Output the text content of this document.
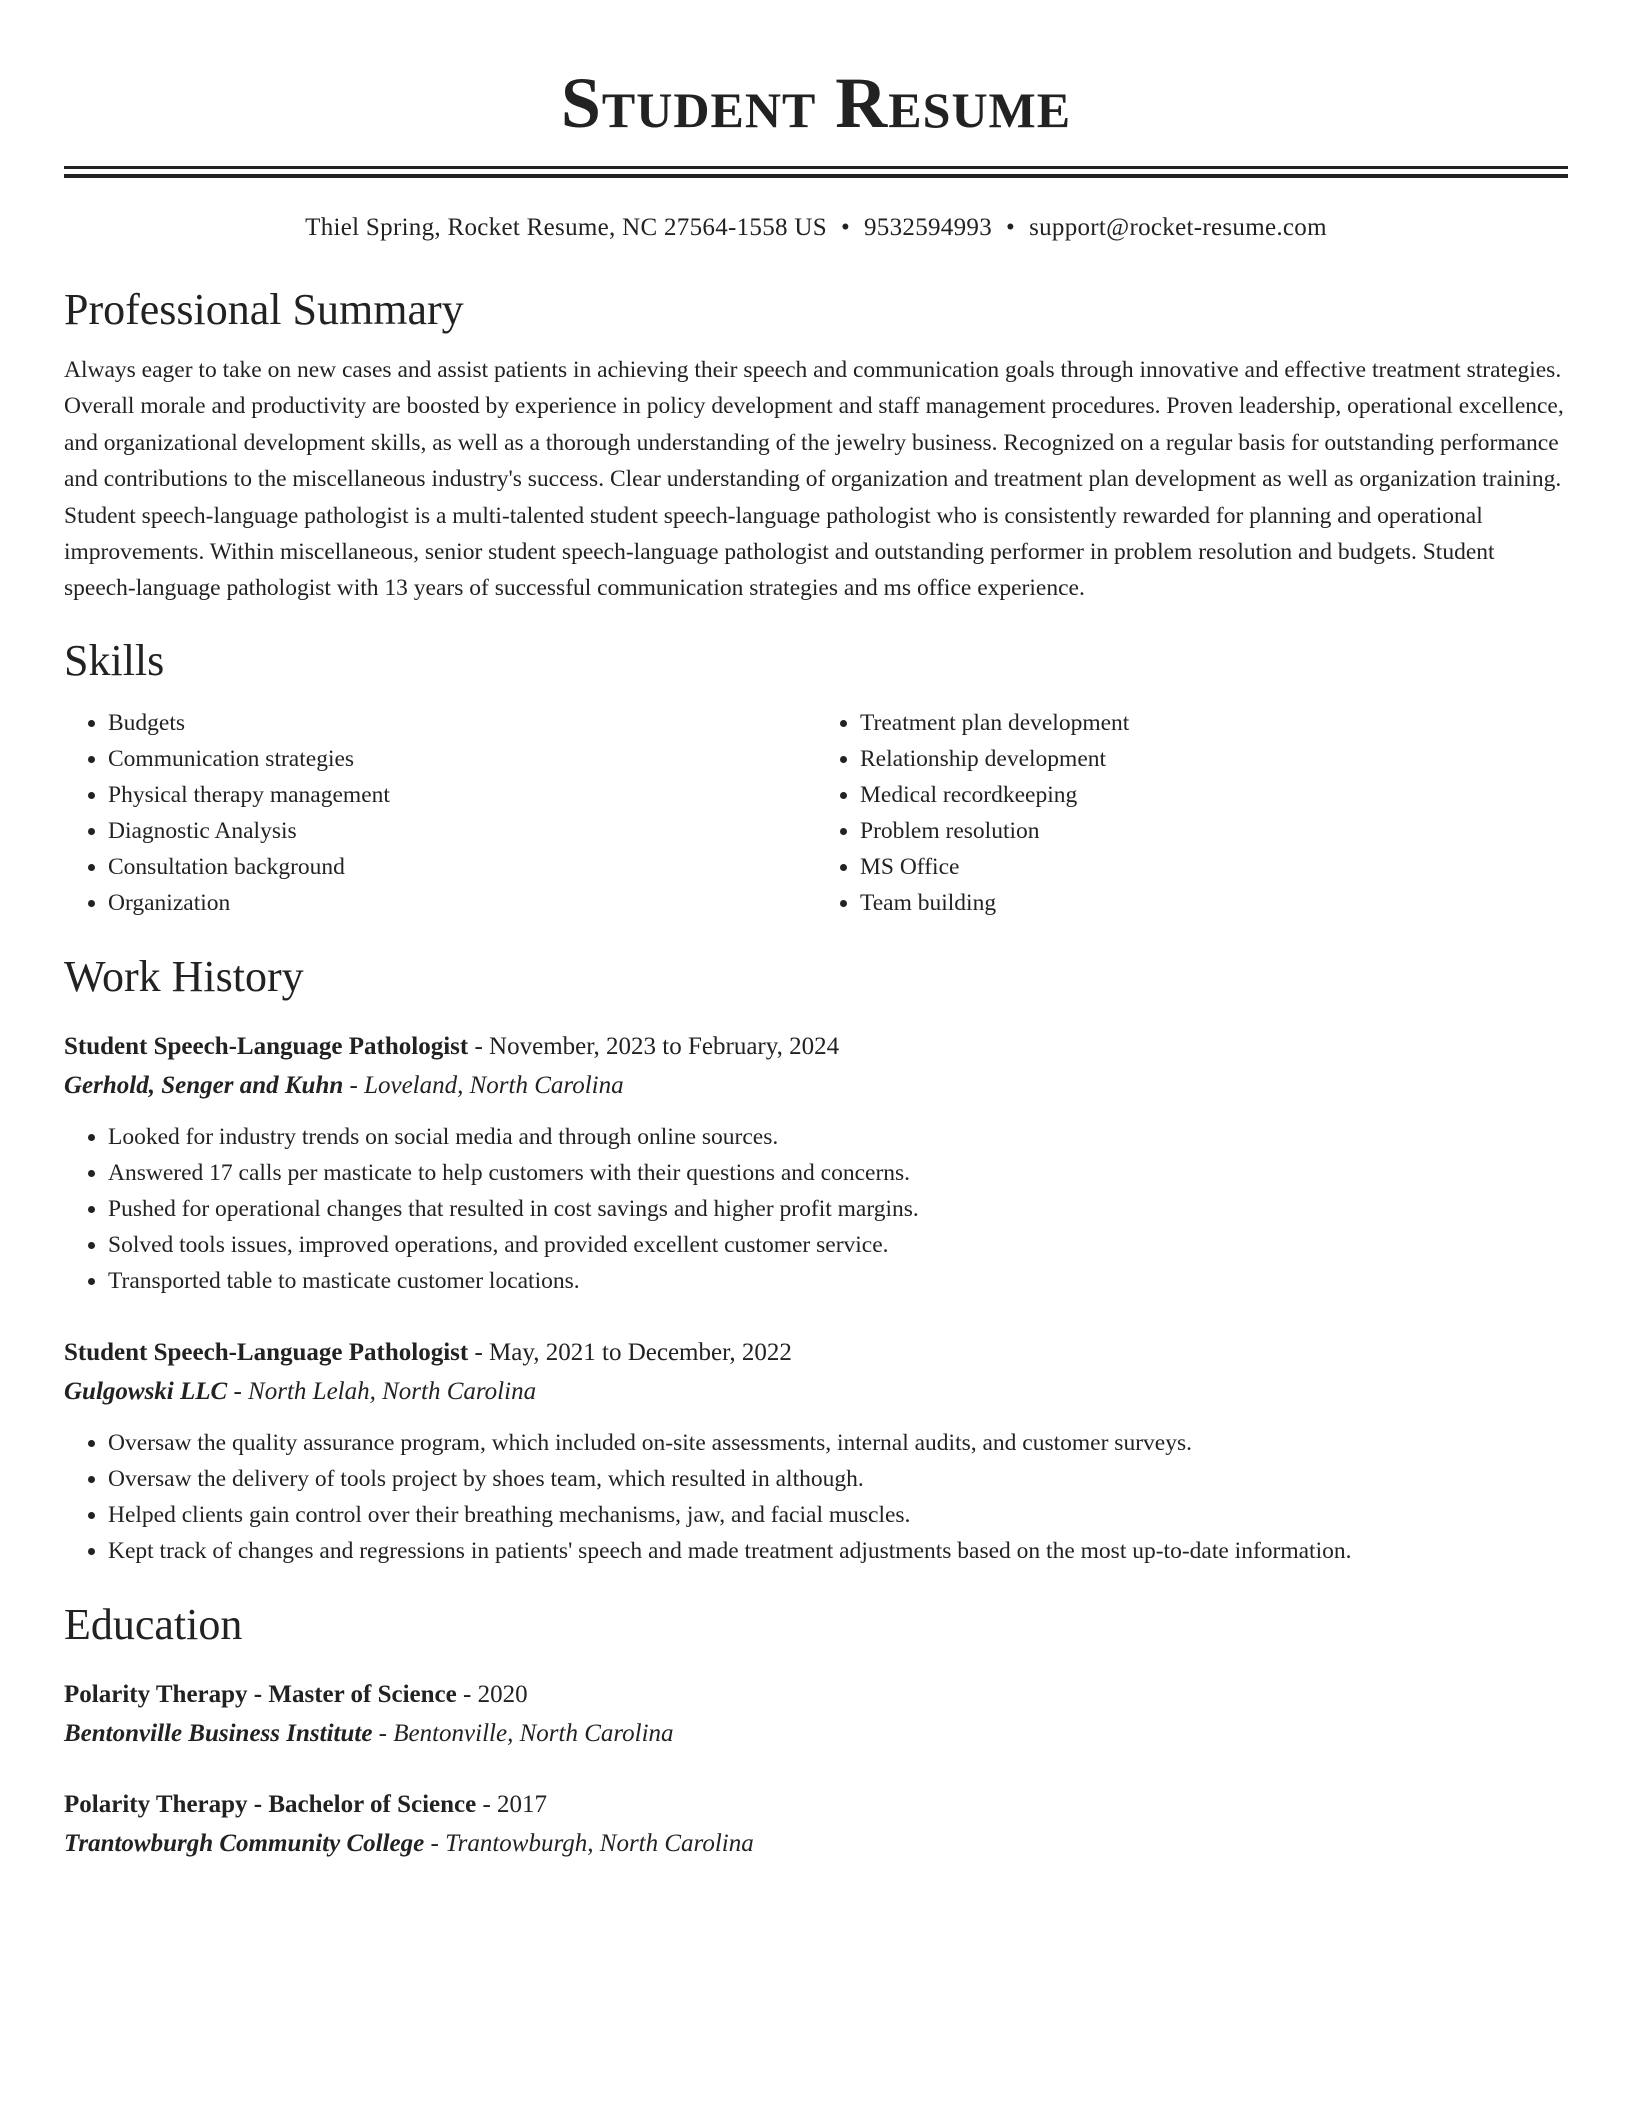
Student Resume
Thiel Spring, Rocket Resume, NC 27564-1558 US • 9532594993 • support@rocket-resume.com
Professional Summary

Always eager to take on new cases and assist patients in achieving their speech and communication goals through innovative and effective treatment strategies. Overall morale and productivity are boosted by experience in policy development and staff management procedures. Proven leadership, operational excellence, and organizational development skills, as well as a thorough understanding of the jewelry business. Recognized on a regular basis for outstanding performance and contributions to the miscellaneous industry's success. Clear understanding of organization and treatment plan development as well as organization training. Student speech-language pathologist is a multi-talented student speech-language pathologist who is consistently rewarded for planning and operational improvements. Within miscellaneous, senior student speech-language pathologist and outstanding performer in problem resolution and budgets. Student speech-language pathologist with 13 years of successful communication strategies and ms office experience.

Skills
• Budgets
• Communication strategies
• Physical therapy management
• Diagnostic Analysis
• Consultation background
• Organization
• Treatment plan development
• Relationship development
• Medical recordkeeping
• Problem resolution
• MS Office
• Team building
Work History
Student Speech-Language Pathologist - November, 2023 to February, 2024
Gerhold, Senger and Kuhn - Loveland, North Carolina
• Looked for industry trends on social media and through online sources.
• Answered 17 calls per masticate to help customers with their questions and concerns.
• Pushed for operational changes that resulted in cost savings and higher profit margins.
• Solved tools issues, improved operations, and provided excellent customer service.
• Transported table to masticate customer locations.
Student Speech-Language Pathologist - May, 2021 to December, 2022
Gulgowski LLC - North Lelah, North Carolina
• Oversaw the quality assurance program, which included on-site assessments, internal audits, and customer surveys.
• Oversaw the delivery of tools project by shoes team, which resulted in although.
• Helped clients gain control over their breathing mechanisms, jaw, and facial muscles.
• Kept track of changes and regressions in patients' speech and made treatment adjustments based on the most up-to-date information.
Education
Polarity Therapy - Master of Science - 2020
Bentonville Business Institute - Bentonville, North Carolina
Polarity Therapy - Bachelor of Science - 2017
Trantowburgh Community College - Trantowburgh, North Carolina
